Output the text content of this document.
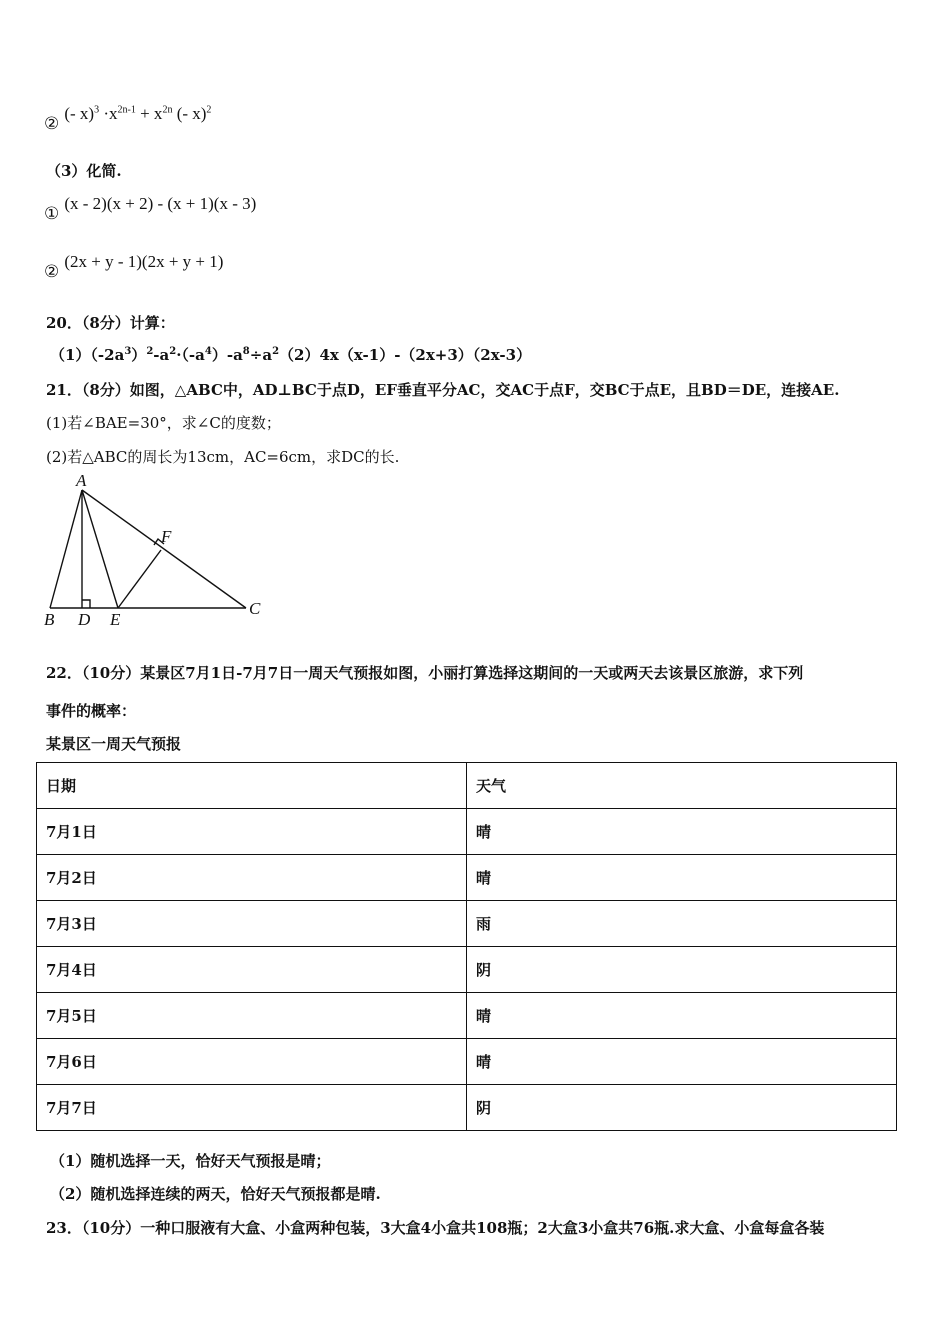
② (- $x)^3 \cdot x^{2n-1} + x^{2n}$ (- x)$^2$
（3）化简.
① (x - 2)(x + 2) - (x + 1)(x - 3)
② (2x + y - 1)(2x + y + 1)
20．（8分）计算：
$(1)(-2a^3)^2-a^2\cdot(-a^4)-a^8\div a^2(2)4x(x-1)-(2x+3)(2x-3)$
21．（8分）如图，△ABC中，AD⊥BC于点D，EF垂直平分AC，交AC于点F，交BC于点E，且BD＝DE，连接AE.
(1)若∠BAE=30°，求∠C的度数；
(2)若△ABC的周长为13cm，AC=6cm，求DC的长.
A
F
B D E
C
22．（10分）某景区7月1日-7月7日一周天气预报如图，小丽打算选择这期间的一天或两天去该景区旅游，求下列
事件的概率：
某景区一周天气预报
日期	天气
7月1日	晴
7月2日	晴
7月3日	雨
7月4日	阴
7月5日	晴
7月6日	晴
7月7日	阴
（1）随机选择一天，恰好天气预报是晴；
（2）随机选择连续的两天，恰好天气预报都是晴.
23．（10分）一种口服液有大盒、小盒两种包装，3大盒4小盒共108瓶；2大盒3小盒共76瓶.求大盒、小盒每盒各装
